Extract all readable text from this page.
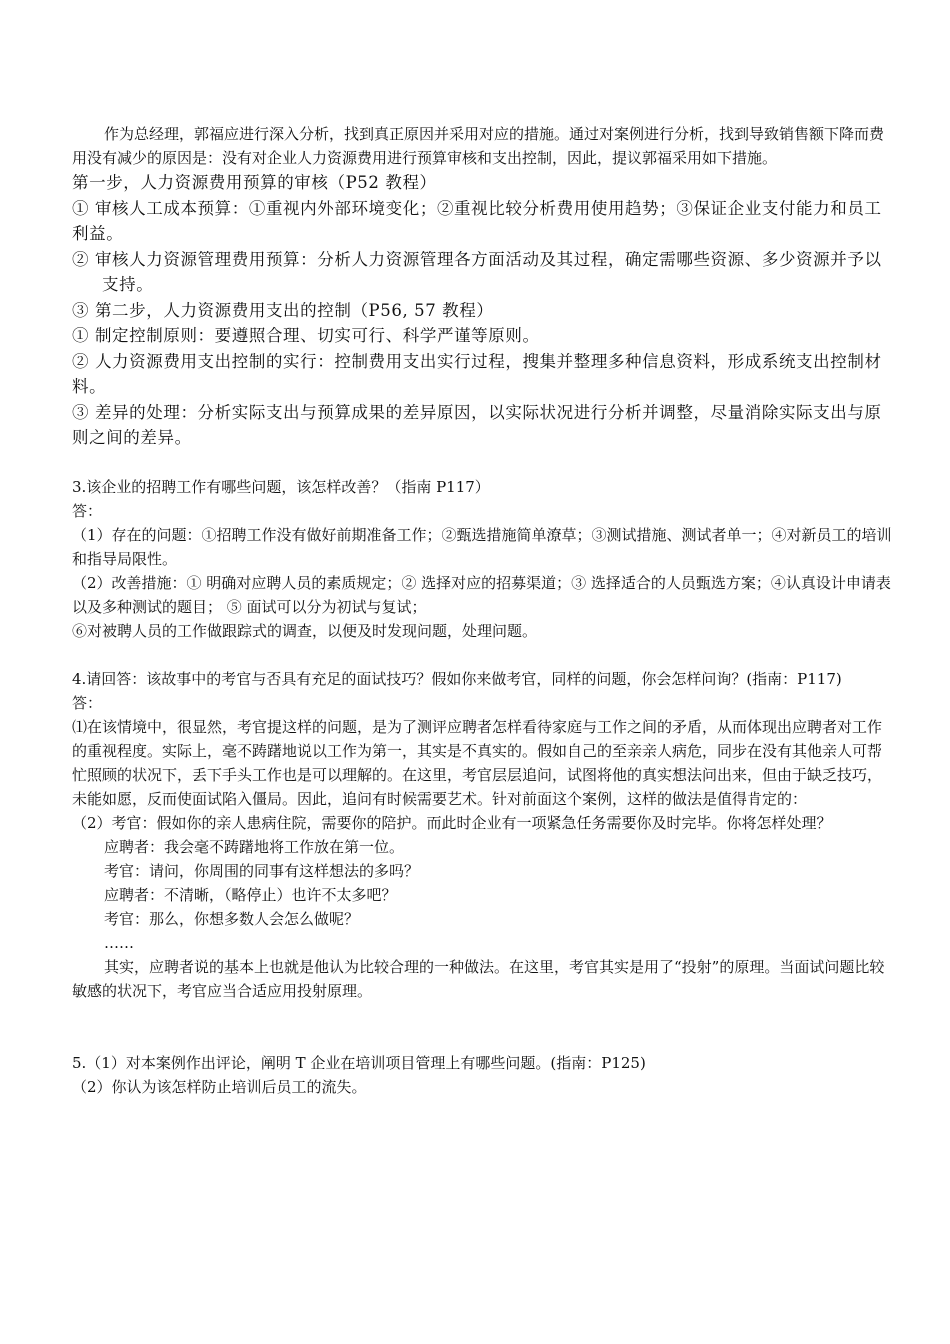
作为总经理，郭福应进行深入分析，找到真正原因并采用对应的措施。通过对案例进行分析，找到导致销售额下降而费用没有减少的原因是：没有对企业人力资源费用进行预算审核和支出控制，因此，提议郭福采用如下措施。

第一步，人力资源费用预算的审核（P52 教程）

① 审核人工成本预算：①重视内外部环境变化；②重视比较分析费用使用趋势；③保证企业支付能力和员工利益。

② 审核人力资源管理费用预算：分析人力资源管理各方面活动及其过程，确定需哪些资源、多少资源并予以支持。

③ 第二步，人力资源费用支出的控制（P56, 57 教程）

① 制定控制原则：要遵照合理、切实可行、科学严谨等原则。

② 人力资源费用支出控制的实行：控制费用支出实行过程，搜集并整理多种信息资料，形成系统支出控制材料。

③ 差异的处理：分析实际支出与预算成果的差异原因，以实际状况进行分析并调整，尽量消除实际支出与原则之间的差异。

3.该企业的招聘工作有哪些问题，该怎样改善？（指南 P117）

答：

（1）存在的问题：①招聘工作没有做好前期准备工作；②甄选措施简单潦草；③测试措施、测试者单一；④对新员工的培训和指导局限性。

（2）改善措施：① 明确对应聘人员的素质规定；② 选择对应的招募渠道；③ 选择适合的人员甄选方案；④认真设计申请表以及多种测试的题目； ⑤ 面试可以分为初试与复试；

⑥对被聘人员的工作做跟踪式的调查，以便及时发现问题，处理问题。

4.请回答：该故事中的考官与否具有充足的面试技巧？假如你来做考官，同样的问题，你会怎样问询？(指南：P117)

答：

⑴在该情境中，很显然，考官提这样的问题，是为了测评应聘者怎样看待家庭与工作之间的矛盾，从而体现出应聘者对工作的重视程度。实际上，毫不踌躇地说以工作为第一，其实是不真实的。假如自己的至亲亲人病危，同步在没有其他亲人可帮忙照顾的状况下，丢下手头工作也是可以理解的。在这里，考官层层追问，试图将他的真实想法问出来，但由于缺乏技巧，未能如愿，反而使面试陷入僵局。因此，追问有时候需要艺术。针对前面这个案例，这样的做法是值得肯定的：

（2）考官：假如你的亲人患病住院，需要你的陪护。而此时企业有一项紧急任务需要你及时完毕。你将怎样处理？

应聘者：我会毫不踌躇地将工作放在第一位。

考官：请问，你周围的同事有这样想法的多吗？

应聘者：不清晰，（略停止）也许不太多吧？

考官：那么，你想多数人会怎么做呢？

……

其实，应聘者说的基本上也就是他认为比较合理的一种做法。在这里，考官其实是用了“投射”的原理。当面试问题比较敏感的状况下，考官应当合适应用投射原理。

5.（1）对本案例作出评论，阐明 T 企业在培训项目管理上有哪些问题。(指南：P125)

（2）你认为该怎样防止培训后员工的流失。
